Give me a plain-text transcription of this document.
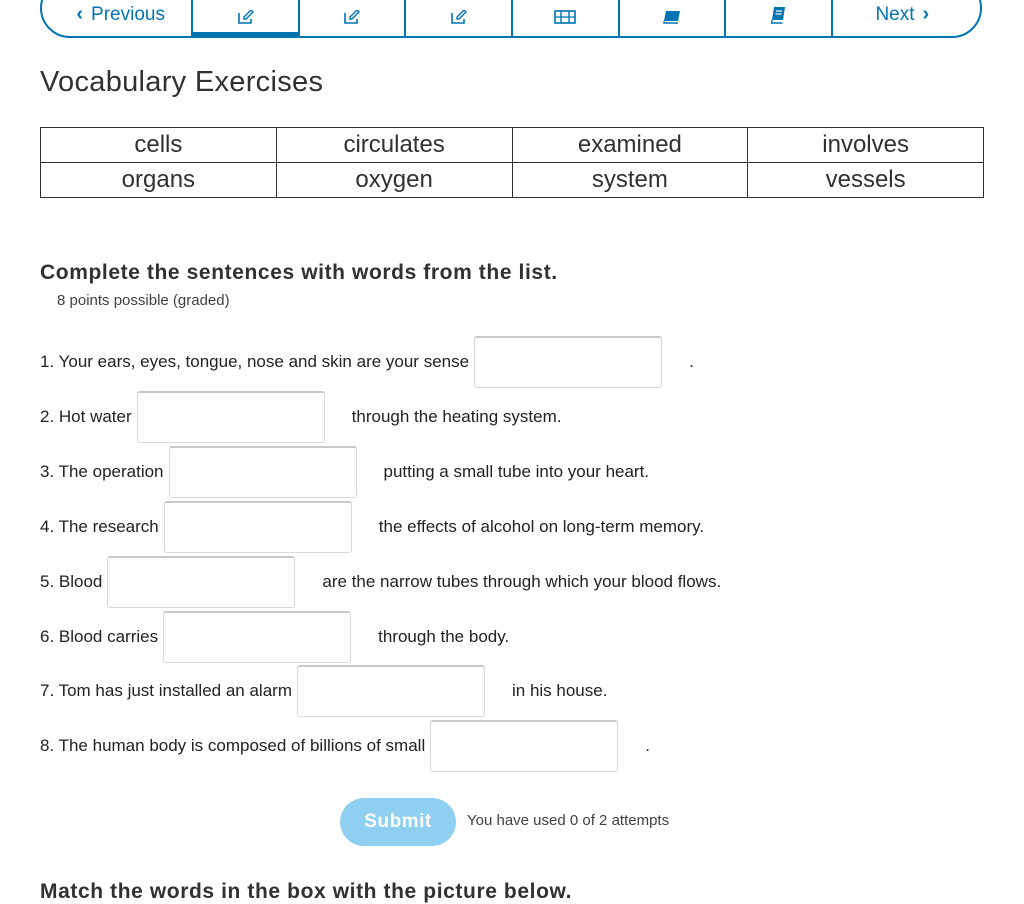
‹ Previous	Next ›
Vocabulary Exercises
cells	circulates	examined	involves
organs	oxygen	system	vessels
Complete the sentences with words from the list.
8 points possible (graded)
1. Your ears, eyes, tongue, nose and skin are your sense	.
2. Hot water	through the heating system.
3. The operation	putting a small tube into your heart.
4. The research	the effects of alcohol on long-term memory.
5. Blood	are the narrow tubes through which your blood flows.
6. Blood carries	through the body.
7. Tom has just installed an alarm	in his house.
8. The human body is composed of billions of small	.
Submit	You have used 0 of 2 attempts
Match the words in the box with the picture below.
